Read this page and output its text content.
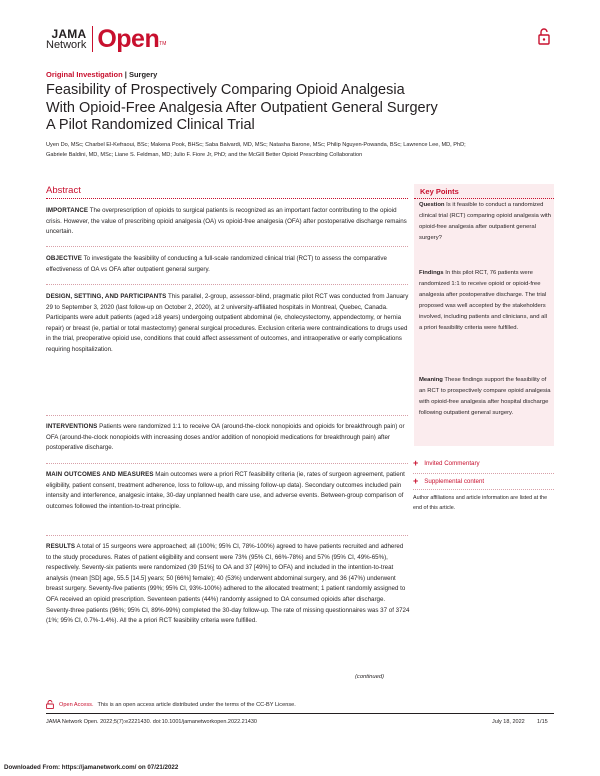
JAMA
Network Open TM
Original Investigation | Surgery
Feasibility of Prospectively Comparing Opioid Analgesia
With Opioid-Free Analgesia After Outpatient General Surgery
A Pilot Randomized Clinical Trial
Uyen Do, MSc; Charbel El-Kefraoui, BSc; Makena Pook, BHSc; Saba Balvardi, MD, MSc; Natasha Barone, MSc; Philip Nguyen-Powanda, BSc; Lawrence Lee, MD, PhD;
Gabriele Baldini, MD, MSc; Liane S. Feldman, MD; Julio F. Fiore Jr, PhD; and the McGill Better Opioid Prescribing Collaboration
Abstract
IMPORTANCE The overprescription of opioids to surgical patients is recognized as an important factor contributing to the opioid crisis. However, the value of prescribing opioid analgesia (OA) vs opioid-free analgesia (OFA) after postoperative discharge remains uncertain.
OBJECTIVE To investigate the feasibility of conducting a full-scale randomized clinical trial (RCT) to assess the comparative effectiveness of OA vs OFA after outpatient general surgery.
DESIGN, SETTING, AND PARTICIPANTS This parallel, 2-group, assessor-blind, pragmatic pilot RCT was conducted from January 29 to September 3, 2020 (last follow-up on October 2, 2020), at 2 university-affiliated hospitals in Montreal, Quebec, Canada. Participants were adult patients (aged ≥18 years) undergoing outpatient abdominal (ie, cholecystectomy, appendectomy, or hernia repair) or breast (ie, partial or total mastectomy) general surgical procedures. Exclusion criteria were contraindications to drugs used in the trial, preoperative opioid use, conditions that could affect assessment of outcomes, and intraoperative or early complications requiring hospitalization.
INTERVENTIONS Patients were randomized 1:1 to receive OA (around-the-clock nonopioids and opioids for breakthrough pain) or OFA (around-the-clock nonopioids with increasing doses and/or addition of nonopioid medications for breakthrough pain) after postoperative discharge.
MAIN OUTCOMES AND MEASURES Main outcomes were a priori RCT feasibility criteria (ie, rates of surgeon agreement, patient eligibility, patient consent, treatment adherence, loss to follow-up, and missing follow-up data). Secondary outcomes included pain intensity and interference, analgesic intake, 30-day unplanned health care use, and adverse events. Between-group comparison of outcomes followed the intention-to-treat principle.
RESULTS A total of 15 surgeons were approached; all (100%; 95% CI, 78%-100%) agreed to have patients recruited and adhered to the study procedures. Rates of patient eligibility and consent were 73% (95% CI, 66%-78%) and 57% (95% CI, 49%-65%), respectively. Seventy-six patients were randomized (39 [51%] to OA and 37 [49%] to OFA) and included in the intention-to-treat analysis (mean [SD] age, 55.5 [14.5] years; 50 [66%] female); 40 (53%) underwent abdominal surgery, and 36 (47%) underwent breast surgery. Seventy-five patients (99%; 95% CI, 93%-100%) adhered to the allocated treatment; 1 patient randomly assigned to OFA received an opioid prescription. Seventeen patients (44%) randomly assigned to OA consumed opioids after discharge. Seventy-three patients (96%; 95% CI, 89%-99%) completed the 30-day follow-up. The rate of missing questionnaires was 37 of 3724 (1%; 95% CI, 0.7%-1.4%). All the a priori RCT feasibility criteria were fulfilled.
(continued)
Key Points
Question Is it feasible to conduct a randomized clinical trial (RCT) comparing opioid analgesia with opioid-free analgesia after outpatient general surgery?
Findings In this pilot RCT, 76 patients were randomized 1:1 to receive opioid or opioid-free analgesia after postoperative discharge. The trial proposed was well accepted by the stakeholders involved, including patients and clinicians, and all a priori feasibility criteria were fulfilled.
Meaning These findings support the feasibility of an RCT to prospectively compare opioid analgesia with opioid-free analgesia after hospital discharge following outpatient general surgery.
+ Invited Commentary
+ Supplemental content
Author affiliations and article information are listed at the end of this article.
Open Access. This is an open access article distributed under the terms of the CC-BY License.
JAMA Network Open. 2022;5(7):e2221430. doi:10.1001/jamanetworkopen.2022.21430	July 18, 2022 1/15
Downloaded From: https://jamanetwork.com/ on 07/21/2022
